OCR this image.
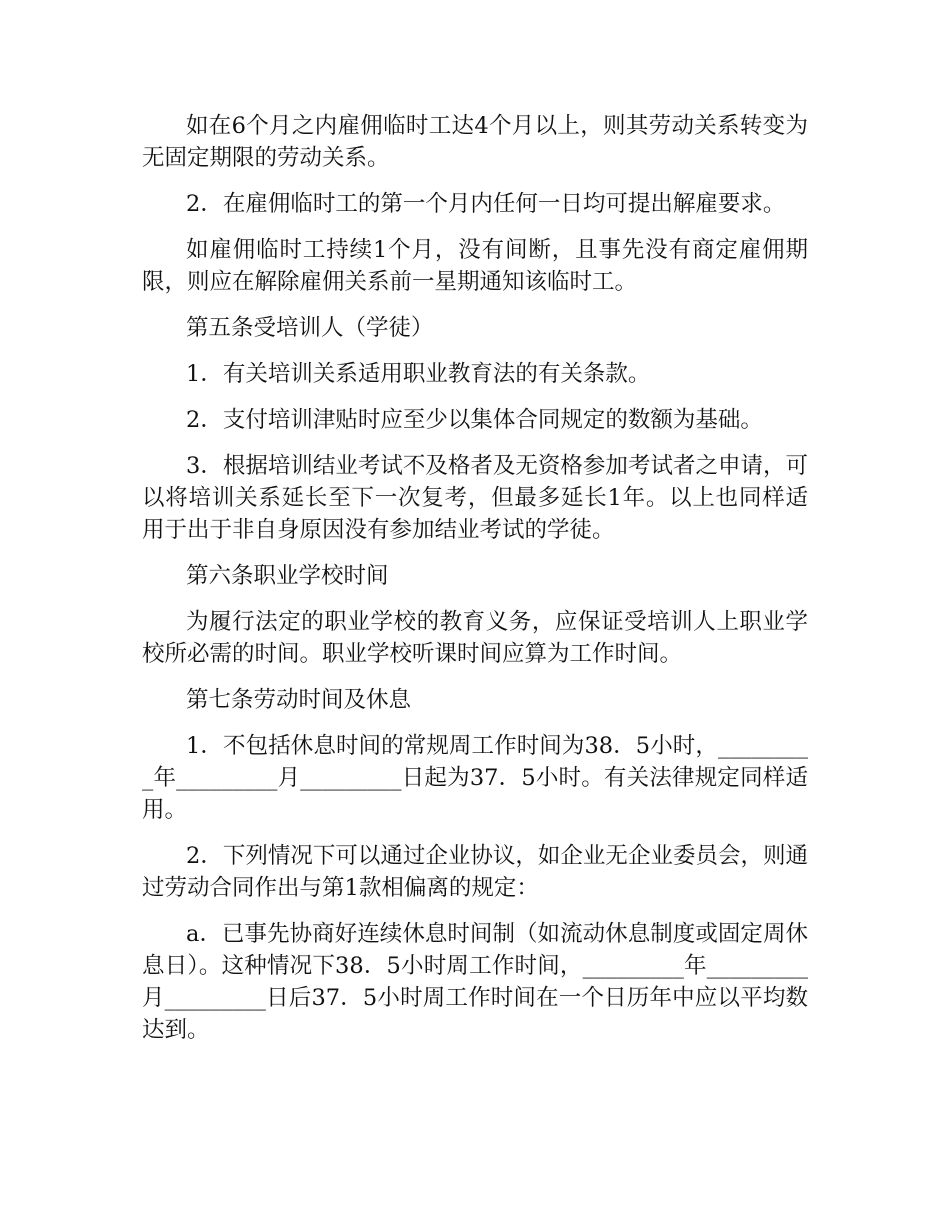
如在6个月之内雇佣临时工达4个月以上，则其劳动关系转变为无固定期限的劳动关系。

2．在雇佣临时工的第一个月内任何一日均可提出解雇要求。

如雇佣临时工持续1个月，没有间断，且事先没有商定雇佣期限，则应在解除雇佣关系前一星期通知该临时工。

第五条受培训人（学徒）

1．有关培训关系适用职业教育法的有关条款。

2．支付培训津贴时应至少以集体合同规定的数额为基础。

3．根据培训结业考试不及格者及无资格参加考试者之申请，可以将培训关系延长至下一次复考，但最多延长1年。以上也同样适用于出于非自身原因没有参加结业考试的学徒。

第六条职业学校时间

为履行法定的职业学校的教育义务，应保证受培训人上职业学校所必需的时间。职业学校听课时间应算为工作时间。

第七条劳动时间及休息

1．不包括休息时间的常规周工作时间为38．5小时，_________年_________月_________日起为37．5小时。有关法律规定同样适用。

2．下列情况下可以通过企业协议，如企业无企业委员会，则通过劳动合同作出与第1款相偏离的规定：

a．已事先协商好连续休息时间制（如流动休息制度或固定周休息日）。这种情况下38．5小时周工作时间，_________年_________月_________日后37．5小时周工作时间在一个日历年中应以平均数达到。
